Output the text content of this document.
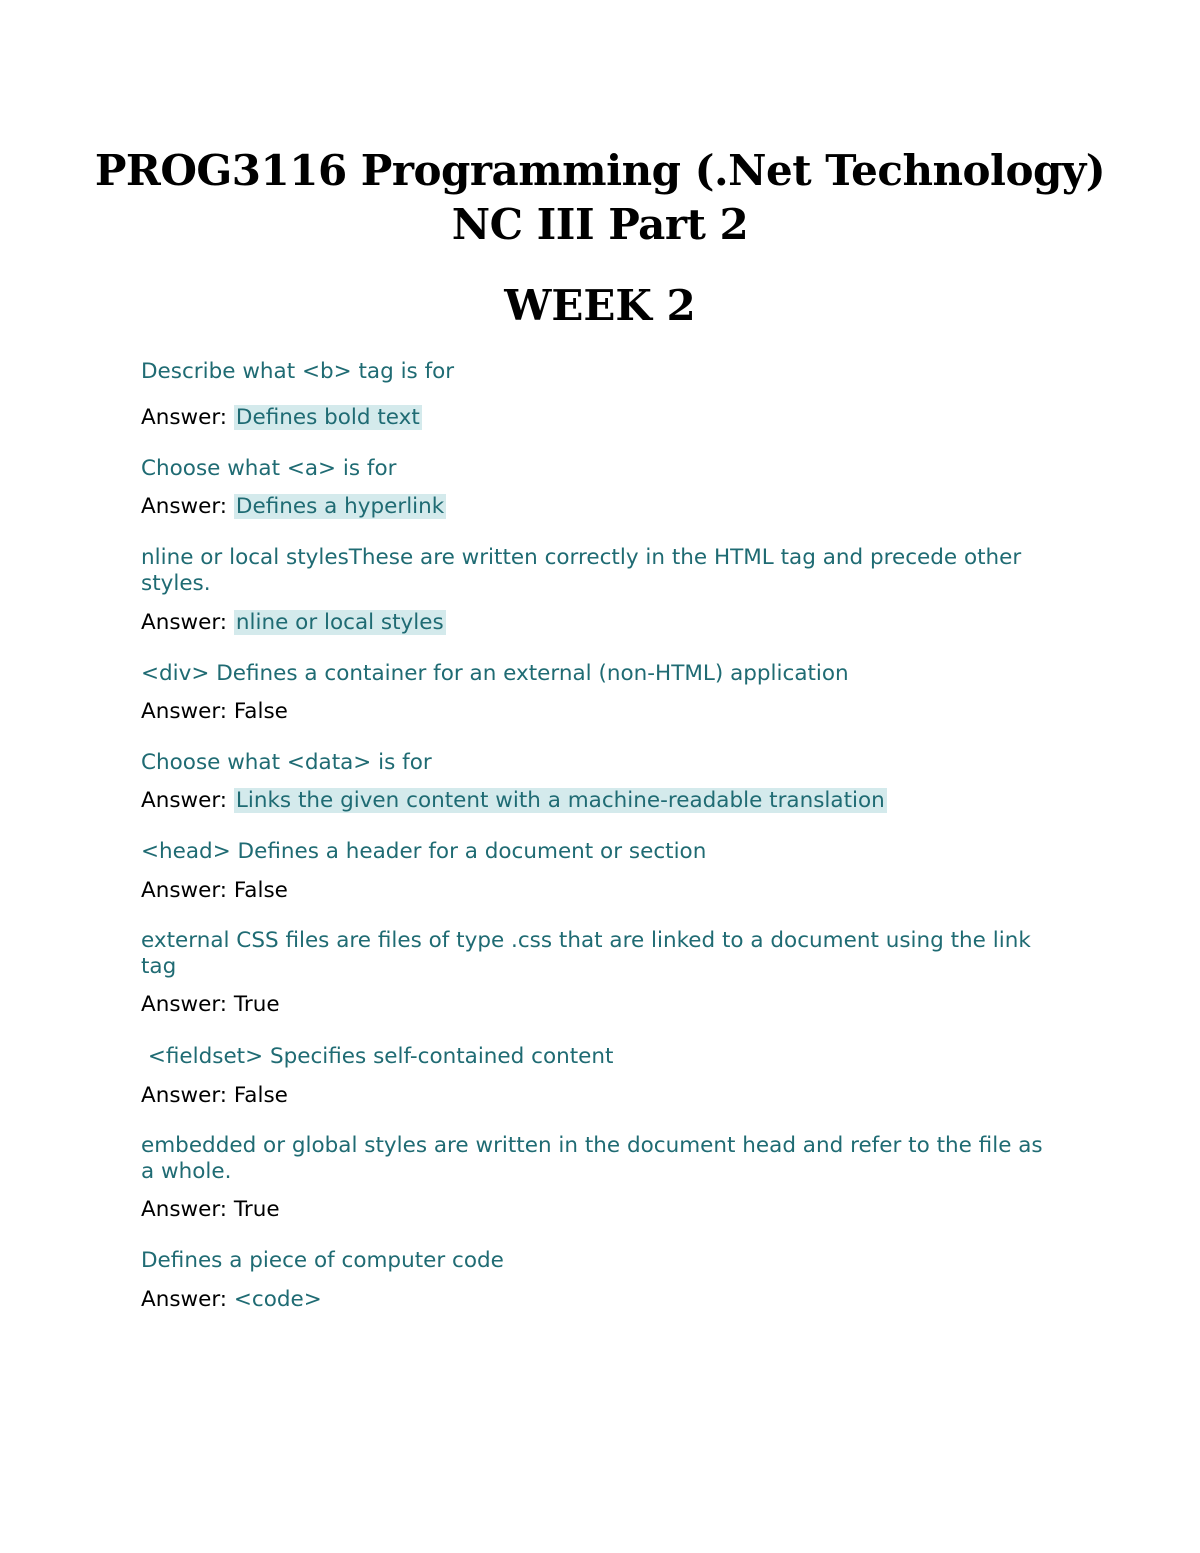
PROG3116 Programming (.Net Technology)
NC III Part 2
WEEK 2

Describe what <b> tag is for

Answer: Defines bold text

Choose what <a> is for

Answer: Defines a hyperlink

nline or local stylesThese are written correctly in the HTML tag and precede other styles.

Answer: nline or local styles

<div> Defines a container for an external (non-HTML) application

Answer: False

Choose what <data> is for

Answer: Links the given content with a machine-readable translation

<head> Defines a header for a document or section

Answer: False

external CSS files are files of type .css that are linked to a document using the link tag

Answer: True

<fieldset> Specifies self-contained content

Answer: False

embedded or global styles are written in the document head and refer to the file as a whole.

Answer: True

Defines a piece of computer code

Answer: <code>
